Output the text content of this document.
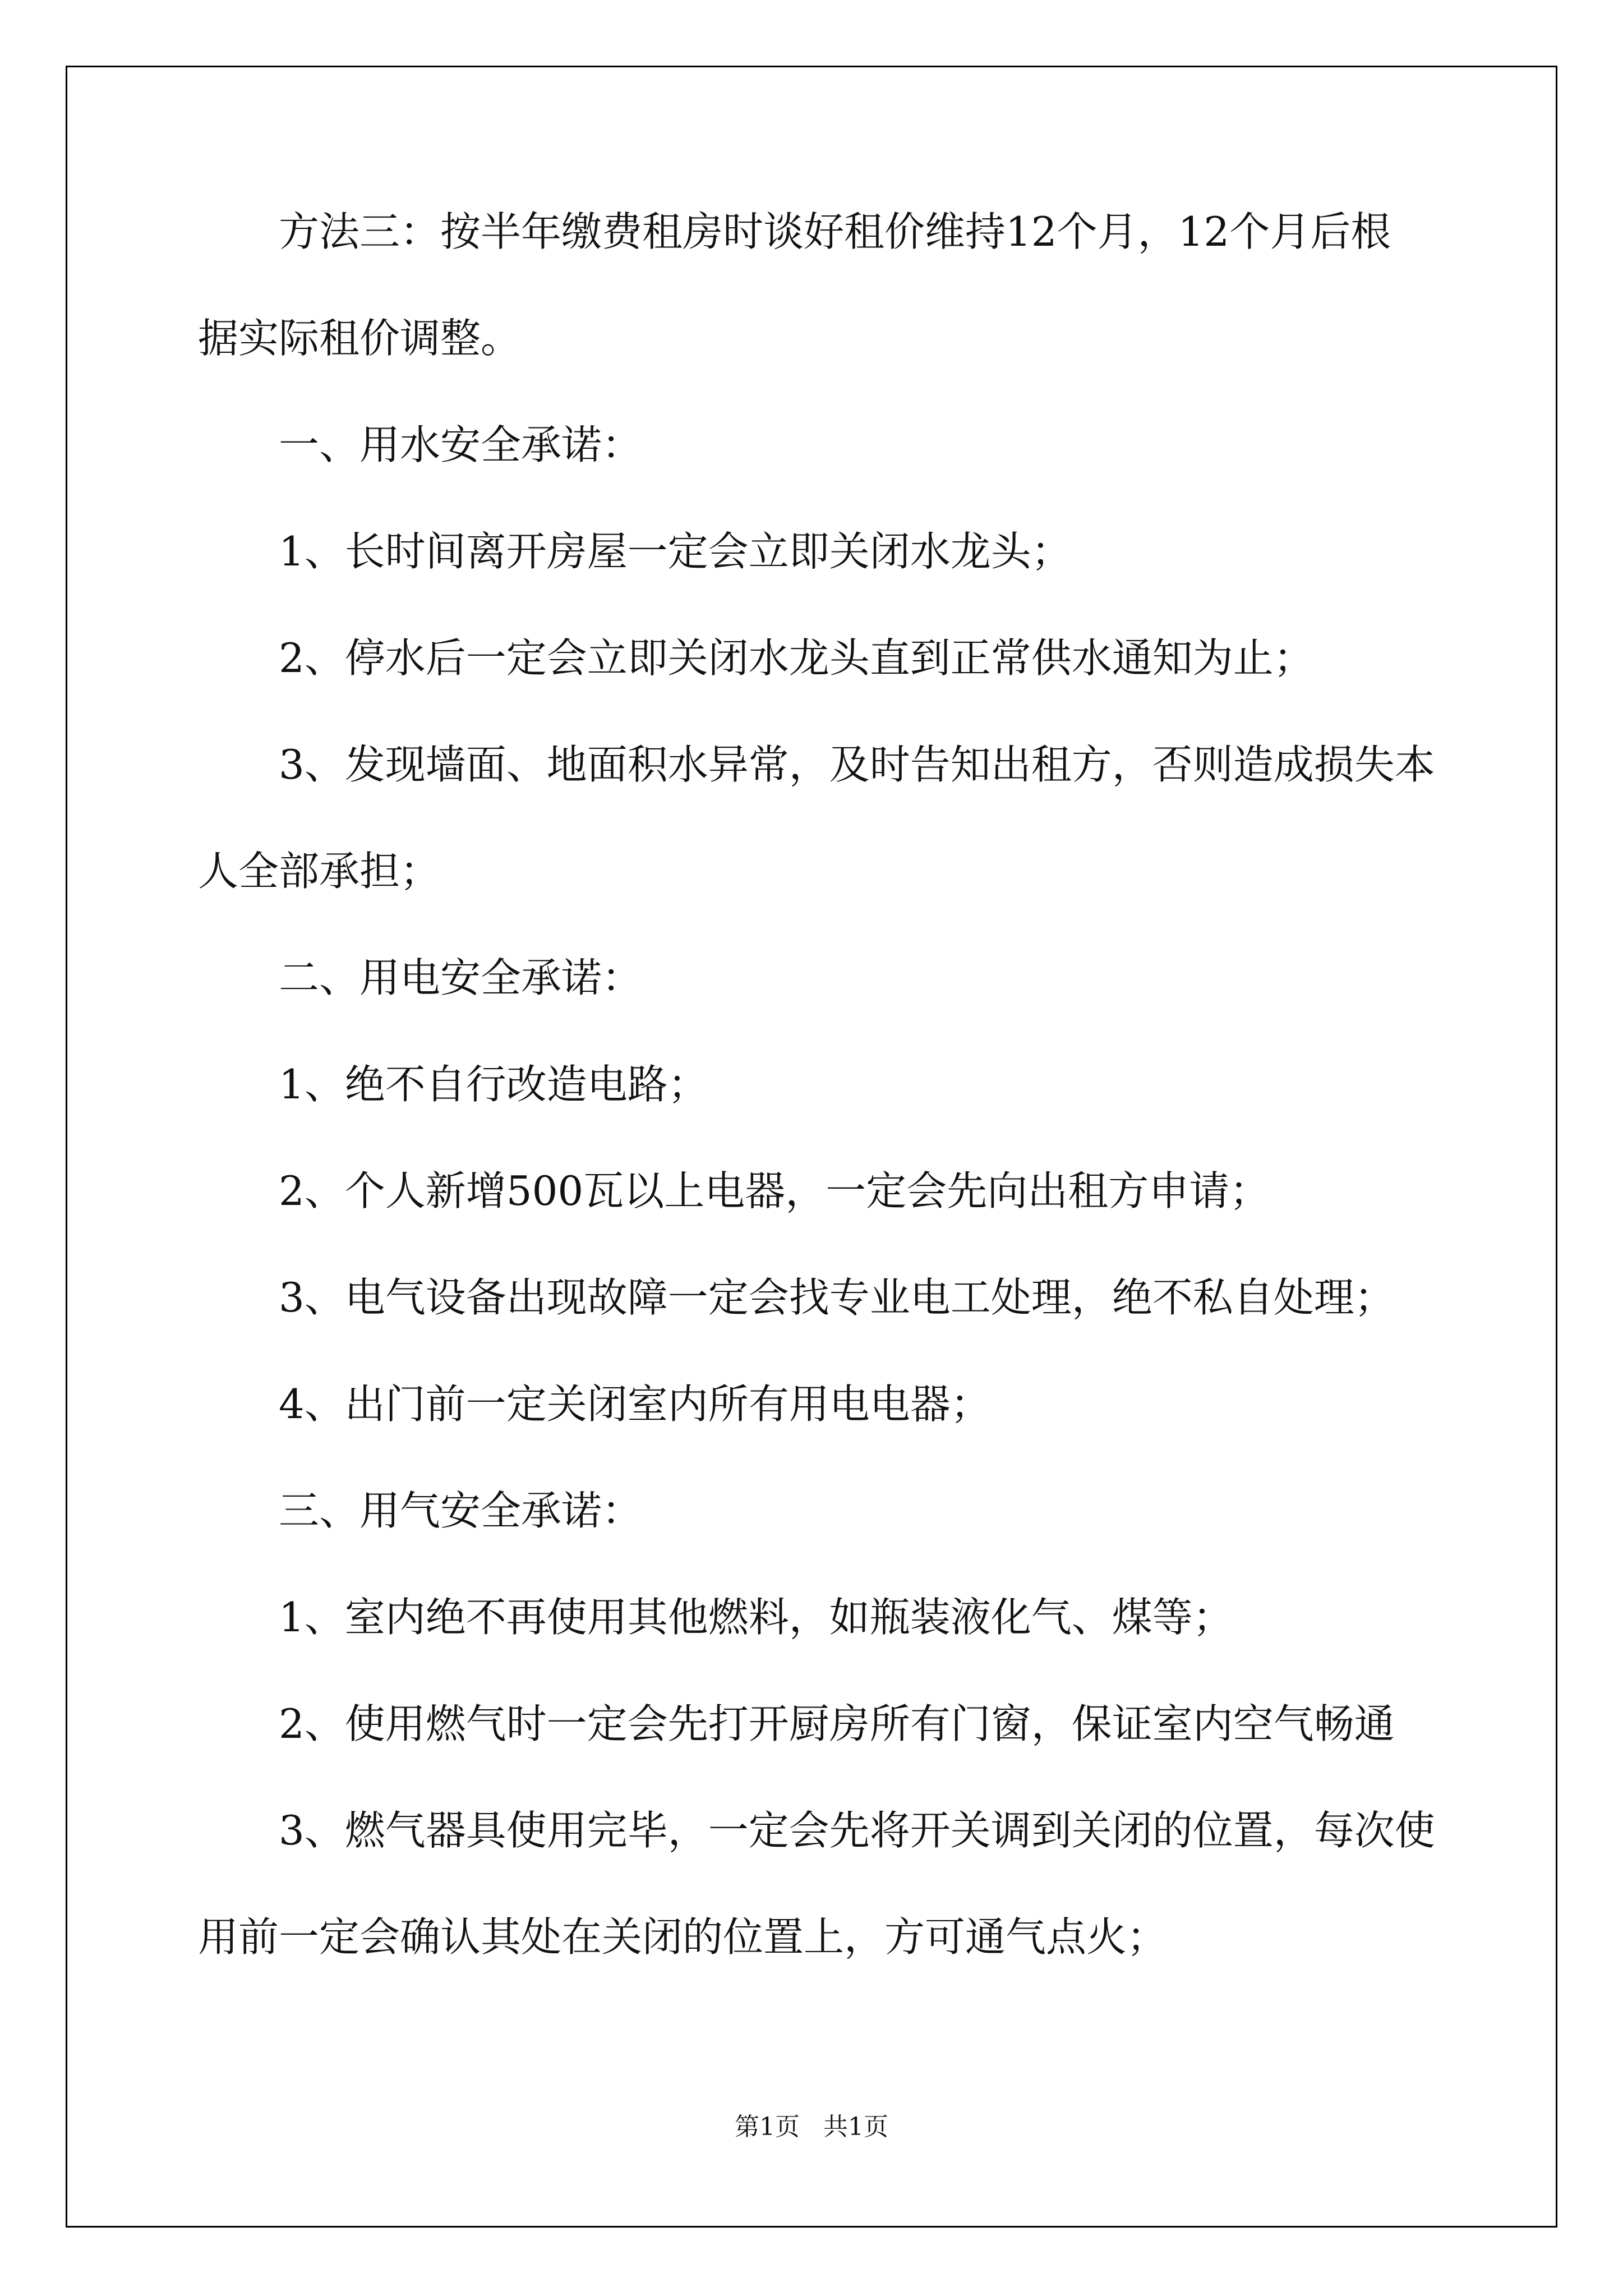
方法三：按半年缴费租房时谈好租价维持12个月，12个月后根
据实际租价调整。
一、用水安全承诺：
1、长时间离开房屋一定会立即关闭水龙头；
2、停水后一定会立即关闭水龙头直到正常供水通知为止；
3、发现墙面、地面积水异常，及时告知出租方，否则造成损失本
人全部承担；
二、用电安全承诺：
1、绝不自行改造电路；
2、个人新增500瓦以上电器，一定会先向出租方申请；
3、电气设备出现故障一定会找专业电工处理，绝不私自处理；
4、出门前一定关闭室内所有用电电器；
三、用气安全承诺：
1、室内绝不再使用其他燃料，如瓶装液化气、煤等；
2、使用燃气时一定会先打开厨房所有门窗，保证室内空气畅通
3、燃气器具使用完毕，一定会先将开关调到关闭的位置，每次使
用前一定会确认其处在关闭的位置上，方可通气点火；
第1页   共1页
